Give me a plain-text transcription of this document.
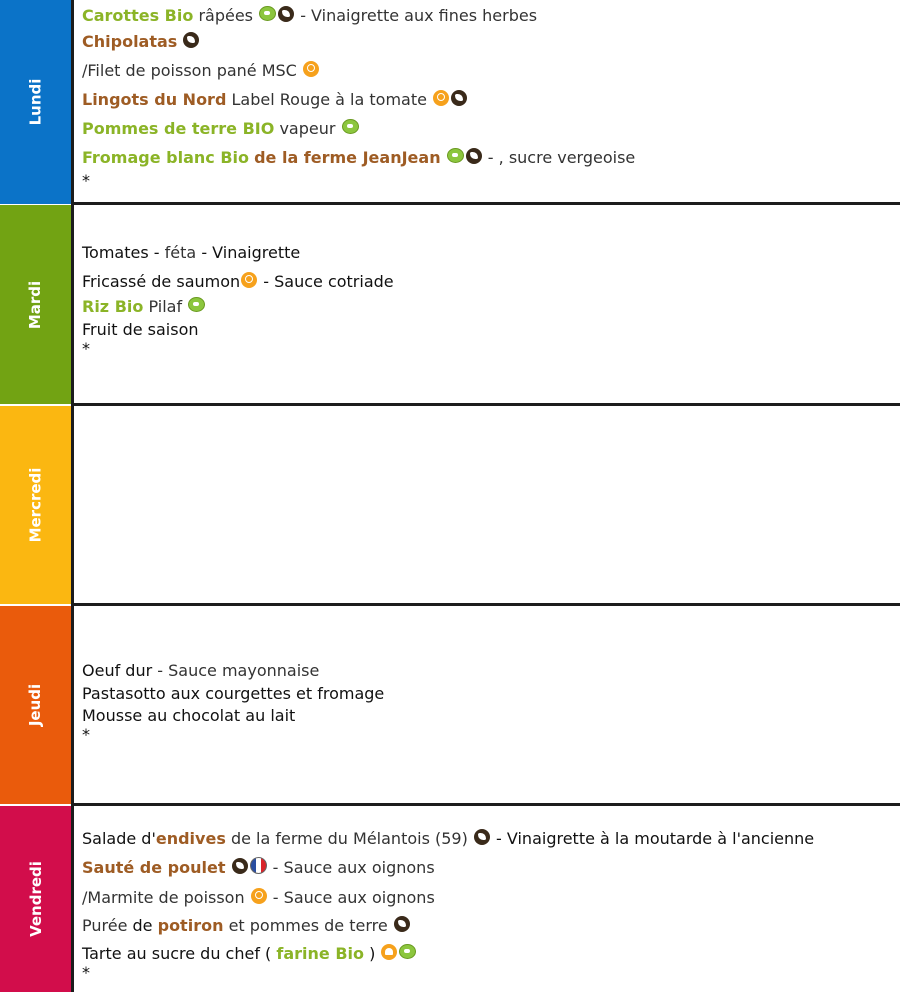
Lundi
Carottes Bio râpées	- Vinaigrette aux fines herbes
Chipolatas
/Filet de poisson pané MSC
Lingots du Nord Label Rouge à la tomate
Pommes de terre BIO vapeur
Fromage blanc Bio de la ferme JeanJean	- , sucre vergeoise
*
Mardi
Tomates - féta - Vinaigrette
Fricassé de saumon - Sauce cotriade
Riz Bio Pilaf
Fruit de saison
*
Mercredi
Jeudi
Oeuf dur - Sauce mayonnaise
Pastasotto aux courgettes et fromage
Mousse au chocolat au lait
*
Vendredi
Salade d'endives de la ferme du Mélantois (59) - Vinaigrette à la moutarde à l'ancienne
Sauté de poulet	- Sauce aux oignons
/Marmite de poisson - Sauce aux oignons
Purée de potiron et pommes de terre
Tarte au sucre du chef ( farine Bio )
*
